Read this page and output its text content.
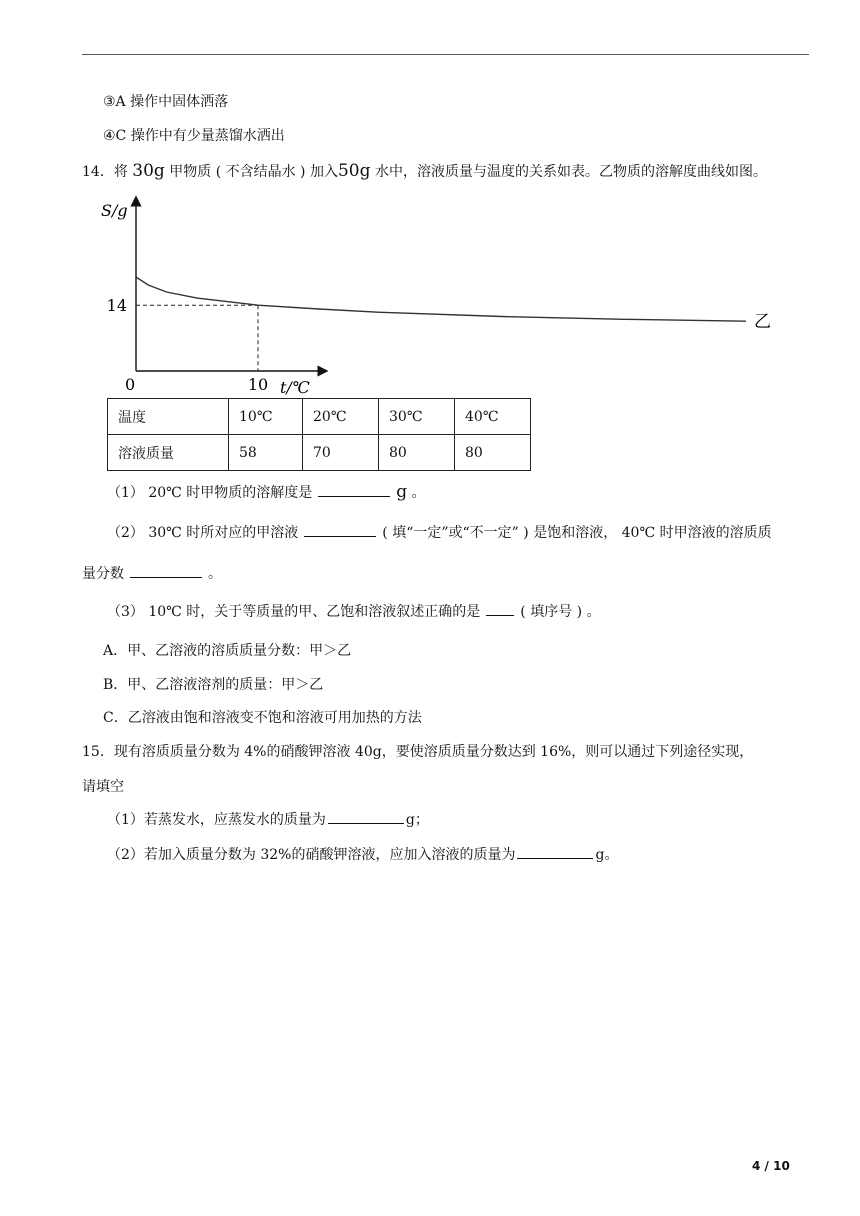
③A 操作中固体洒落
④C 操作中有少量蒸馏水洒出
14．将 30g 甲物质 ( 不含结晶水 ) 加入50g 水中，溶液质量与温度的关系如表。乙物质的溶解度曲线如图。
S/g
t/℃
0	10
14
乙
温度	10℃	20℃	30℃	40℃
溶液质量	58	70	80	80
（1） 20℃ 时甲物质的溶解度是	g 。
（2） 30℃ 时所对应的甲溶液	( 填“一定”或“不一定” ) 是饱和溶液， 40℃ 时甲溶液的溶质质
量分数	。
（3） 10℃ 时，关于等质量的甲、乙饱和溶液叙述正确的是	( 填序号 ) 。
A．甲、乙溶液的溶质质量分数：甲＞乙
B．甲、乙溶液溶剂的质量：甲＞乙
C．乙溶液由饱和溶液变不饱和溶液可用加热的方法
15．现有溶质质量分数为 4%的硝酸钾溶液 40g，要使溶质质量分数达到 16%，则可以通过下列途径实现，
请填空
（1）若蒸发水，应蒸发水的质量为	g；
（2）若加入质量分数为 32%的硝酸钾溶液，应加入溶液的质量为	g。
4 / 10
